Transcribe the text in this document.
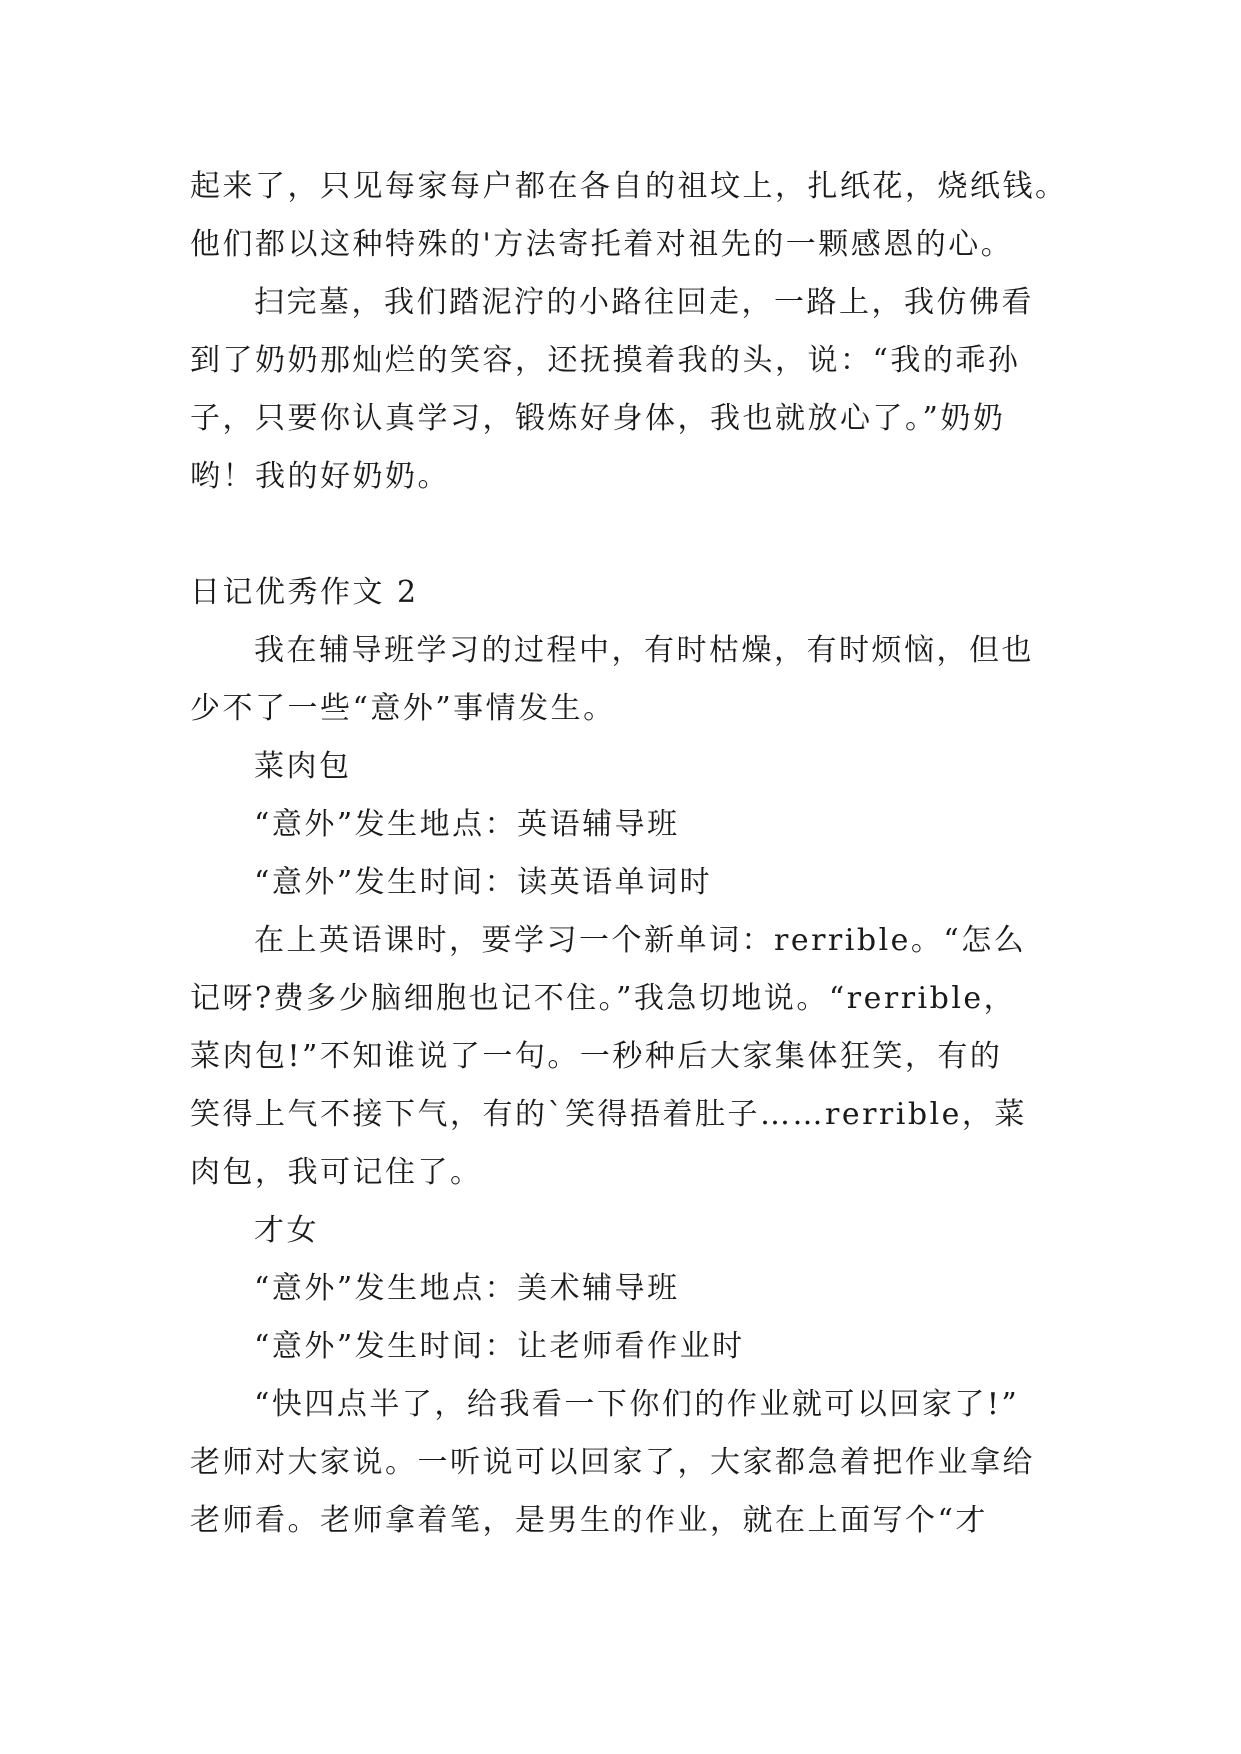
起来了，只见每家每户都在各自的祖坟上，扎纸花，烧纸钱。
他们都以这种特殊的'方法寄托着对祖先的一颗感恩的心。
扫完墓，我们踏泥泞的小路往回走，一路上，我仿佛看
到了奶奶那灿烂的笑容，还抚摸着我的头，说：“我的乖孙
子，只要你认真学习，锻炼好身体，我也就放心了。”奶奶
哟！我的好奶奶。
日记优秀作文 2
我在辅导班学习的过程中，有时枯燥，有时烦恼，但也
少不了一些“意外”事情发生。
菜肉包
“意外”发生地点：英语辅导班
“意外”发生时间：读英语单词时
在上英语课时，要学习一个新单词：rerrible。“怎么
记呀?费多少脑细胞也记不住。”我急切地说。“rerrible，
菜肉包!”不知谁说了一句。一秒种后大家集体狂笑，有的
笑得上气不接下气，有的`笑得捂着肚子……rerrible，菜
肉包，我可记住了。
才女
“意外”发生地点：美术辅导班
“意外”发生时间：让老师看作业时
“快四点半了，给我看一下你们的作业就可以回家了!”
老师对大家说。一听说可以回家了，大家都急着把作业拿给
老师看。老师拿着笔，是男生的作业，就在上面写个“才
